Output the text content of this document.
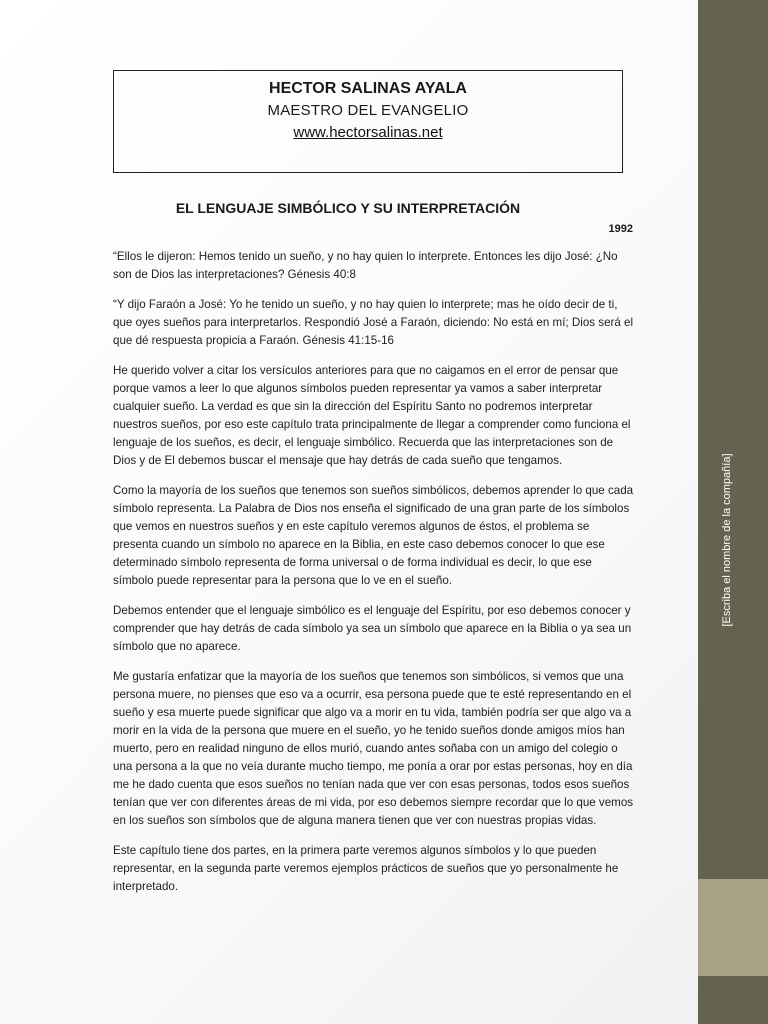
HECTOR SALINAS AYALA
MAESTRO DEL EVANGELIO
www.hectorsalinas.net
EL LENGUAJE SIMBÓLICO Y SU INTERPRETACIÓN
1992

“Ellos le dijeron: Hemos tenido un sueño, y no hay quien lo interprete. Entonces les dijo José: ¿No son de Dios las interpretaciones? Génesis 40:8

“Y dijo Faraón a José: Yo he tenido un sueño, y no hay quien lo interprete; mas he oído decir de ti, que oyes sueños para interpretarlos. Respondió José a Faraón, diciendo: No está en mí; Dios será el que dé respuesta propicia a Faraón. Génesis 41:15-16

He querido volver a citar los versículos anteriores para que no caigamos en el error de pensar que porque vamos a leer lo que algunos símbolos pueden representar ya vamos a saber interpretar cualquier sueño. La verdad es que sin la dirección del Espíritu Santo no podremos interpretar nuestros sueños, por eso este capítulo trata principalmente de llegar a comprender como funciona el lenguaje de los sueños, es decir, el lenguaje simbólico. Recuerda que las interpretaciones son de Dios y de El debemos buscar el mensaje que hay detrás de cada sueño que tengamos.

Como la mayoría de los sueños que tenemos son sueños simbólicos, debemos aprender lo que cada símbolo representa. La Palabra de Dios nos enseña el significado de una gran parte de los símbolos que vemos en nuestros sueños y en este capítulo veremos algunos de éstos, el problema se presenta cuando un símbolo no aparece en la Biblia, en este caso debemos conocer lo que ese determinado símbolo representa de forma universal o de forma individual es decir, lo que ese símbolo puede representar para la persona que lo ve en el sueño.

Debemos entender que el lenguaje simbólico es el lenguaje del Espíritu, por eso debemos conocer y comprender que hay detrás de cada símbolo ya sea un símbolo que aparece en la Biblia o ya sea un símbolo que no aparece.

Me gustaría enfatizar que la mayoría de los sueños que tenemos son simbólicos, si vemos que una persona muere, no pienses que eso va a ocurrir, esa persona puede que te esté representando en el sueño y esa muerte puede significar que algo va a morir en tu vida, también podría ser que algo va a morir en la vida de la persona que muere en el sueño, yo he tenido sueños donde amigos míos han muerto, pero en realidad ninguno de ellos murió, cuando antes soñaba con un amigo del colegio o una persona a la que no veía durante mucho tiempo, me ponía a orar por estas personas, hoy en día me he dado cuenta que esos sueños no tenían nada que ver con esas personas, todos esos sueños tenían que ver con diferentes áreas de mi vida, por eso debemos siempre recordar que lo que vemos en los sueños son símbolos que de alguna manera tienen que ver con nuestras propias vidas.

Este capítulo tiene dos partes, en la primera parte veremos algunos símbolos y lo que pueden representar, en la segunda parte veremos ejemplos prácticos de sueños que yo personalmente he interpretado.

[Escriba el nombre de la compañía]
